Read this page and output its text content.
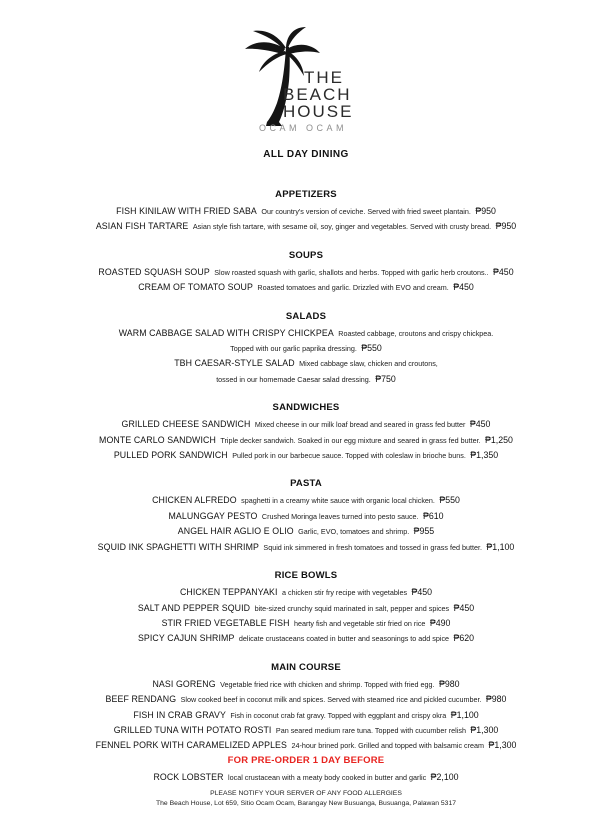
THE
BEACH
HOUSE
OCAM OCAM
ALL DAY DINING
APPETIZERS
FISH KINILAW WITH FRIED SABA Our country's version of ceviche. Served with fried sweet plantain. ₱950
ASIAN FISH TARTARE Asian style fish tartare, with sesame oil, soy, ginger and vegetables. Served with crusty bread. ₱950
SOUPS
ROASTED SQUASH SOUP Slow roasted squash with garlic, shallots and herbs. Topped with garlic herb croutons.. ₱450
CREAM OF TOMATO SOUP Roasted tomatoes and garlic. Drizzled with EVO and cream. ₱450
SALADS
WARM CABBAGE SALAD WITH CRISPY CHICKPEA Roasted cabbage, croutons and crispy chickpea.
Topped with our garlic paprika dressing. ₱550
TBH CAESAR-STYLE SALAD Mixed cabbage slaw, chicken and croutons,
tossed in our homemade Caesar salad dressing. ₱750
SANDWICHES
GRILLED CHEESE SANDWICH Mixed cheese in our milk loaf bread and seared in grass fed butter ₱450
MONTE CARLO SANDWICH Triple decker sandwich. Soaked in our egg mixture and seared in grass fed butter. ₱1,250
PULLED PORK SANDWICH Pulled pork in our barbecue sauce. Topped with coleslaw in brioche buns. ₱1,350
PASTA
CHICKEN ALFREDO spaghetti in a creamy white sauce with organic local chicken. ₱550
MALUNGGAY PESTO Crushed Moringa leaves turned into pesto sauce. ₱610
ANGEL HAIR AGLIO E OLIO Garlic, EVO, tomatoes and shrimp. ₱955
SQUID INK SPAGHETTI WITH SHRIMP Squid ink simmered in fresh tomatoes and tossed in grass fed butter. ₱1,100
RICE BOWLS
CHICKEN TEPPANYAKI a chicken stir fry recipe with vegetables ₱450
SALT AND PEPPER SQUID bite-sized crunchy squid marinated in salt, pepper and spices ₱450
STIR FRIED VEGETABLE FISH hearty fish and vegetable stir fried on rice ₱490
SPICY CAJUN SHRIMP delicate crustaceans coated in butter and seasonings to add spice ₱620
MAIN COURSE
NASI GORENG Vegetable fried rice with chicken and shrimp. Topped with fried egg. ₱980
BEEF RENDANG Slow cooked beef in coconut milk and spices. Served with steamed rice and pickled cucumber. ₱980
FISH IN CRAB GRAVY Fish in coconut crab fat gravy. Topped with eggplant and crispy okra ₱1,100
GRILLED TUNA WITH POTATO ROSTI Pan seared medium rare tuna. Topped with cucumber relish ₱1,300
FENNEL PORK WITH CARAMELIZED APPLES 24-hour brined pork. Grilled and topped with balsamic cream ₱1,300
FOR PRE-ORDER 1 DAY BEFORE
ROCK LOBSTER local crustacean with a meaty body cooked in butter and garlic ₱2,100
PLEASE NOTIFY YOUR SERVER OF ANY FOOD ALLERGIES
The Beach House, Lot 659, Sitio Ocam Ocam, Barangay New Busuanga, Busuanga, Palawan 5317
